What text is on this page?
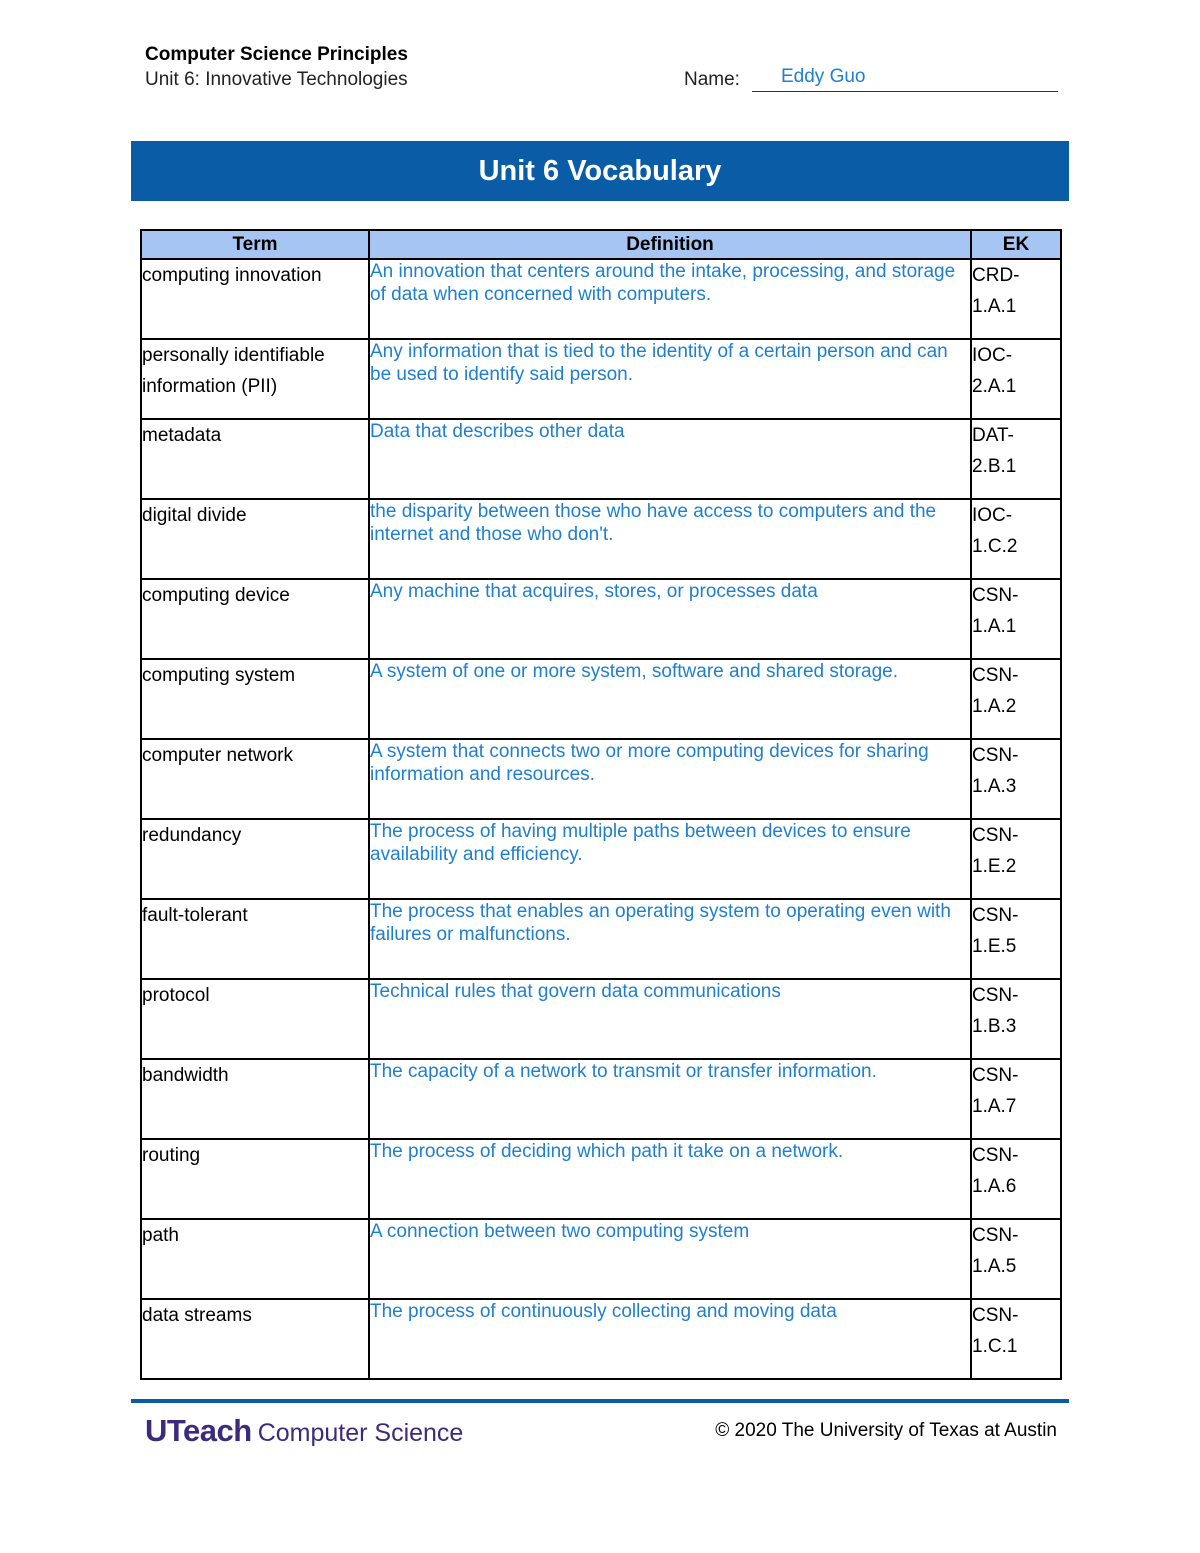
Computer Science Principles
Unit 6: Innovative Technologies	Name: Eddy Guo
Unit 6 Vocabulary
Term	Definition	EK
computing innovation	An innovation that centers around the intake, processing, and storage of data when concerned with computers.	CRD-
1.A.1

personally identifiable information (PII)	Any information that is tied to the identity of a certain person and can be used to identify said person.	IOC-
2.A.1

metadata	Data that describes other data	DAT-
2.B.1

digital divide	the disparity between those who have access to computers and the internet and those who don't.	IOC-
1.C.2

computing device	Any machine that acquires, stores, or processes data	CSN-
1.A.1

computing system	A system of one or more system, software and shared storage.	CSN-
1.A.2

computer network	A system that connects two or more computing devices for sharing information and resources.	CSN-
1.A.3

redundancy	The process of having multiple paths between devices to ensure availability and efficiency.	CSN-
1.E.2

fault-tolerant	The process that enables an operating system to operating even with failures or malfunctions.	CSN-
1.E.5

protocol	Technical rules that govern data communications	CSN-
1.B.3

bandwidth	The capacity of a network to transmit or transfer information.	CSN-
1.A.7

routing	The process of deciding which path it take on a network.	CSN-
1.A.6

path	A connection between two computing system	CSN-
1.A.5

data streams	The process of continuously collecting and moving data	CSN-
1.C.1
UTeach Computer Science	© 2020 The University of Texas at Austin
